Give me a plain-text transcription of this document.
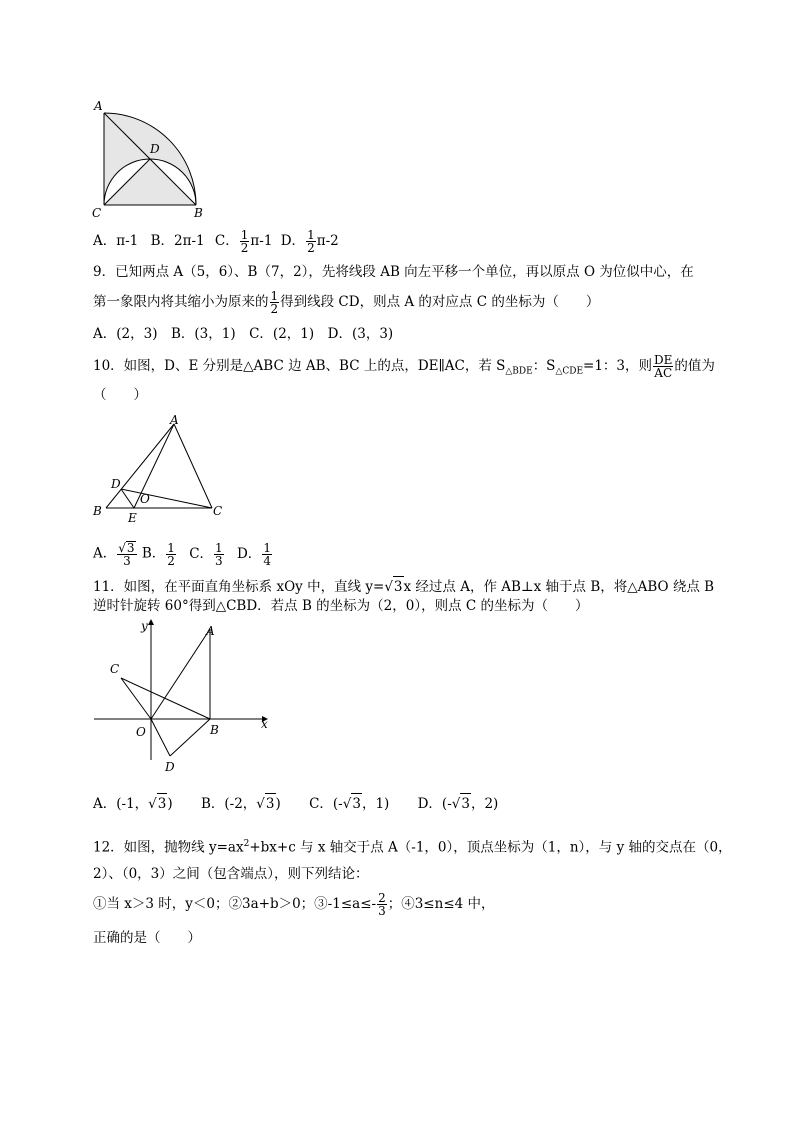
A
D
C	B
A．π-1 B．2π-1 C． $\frac{1}{2} \pi-1$ D． $\frac{1}{2} \pi-2$
9．已知两点 A（5，6）、B（7，2），先将线段 AB 向左平移一个单位，再以原点 O 为位似中心，在
第一象限内将其缩小为原来的 $\frac{1}{2}$ 得到线段 CD，则点 A 的对应点 C 的坐标为（　　）
A．(2，3)　B．(3，1)　C．(2，1)　D．(3，3)
10．如图，D、E 分别是△ABC 边 AB、BC 上的点，DE∥AC，若 $S_{\triangle BDE}$：$S_{\triangle CDE}=1$：3，则 $\frac{DE}{AC}$ 的值为
（　　）
A
D
O
B E	C
A． $\frac{√3}{3}$ B． $\frac{1}{2}$ C． $\frac{1}{3}$ D． $\frac{1}{4}$
11．如图，在平面直角坐标系 xOy 中，直线 y=√3x 经过点 A，作 AB⊥x 轴于点 B，将△ABO 绕点 B
逆时针旋转 60°得到△CBD．若点 B 的坐标为（2，0），则点 C 的坐标为（　　）
y	A
C
x
O	B
D
A．(-1，√3) B．(-2，√3) C．(-√3，1) D．(-√3，2)
12．如图，抛物线 $y=ax^2+bx+c$ 与 x 轴交于点 A（-1，0），顶点坐标为（1，n），与 y 轴的交点在（0，
2）、（0，3）之间（包含端点），则下列结论：
①当 x＞3 时，y＜0；②3a+b＞0；③-1≤a≤- $\frac{2}{3}$ ；④3≤n≤4 中，
正确的是（　　）
